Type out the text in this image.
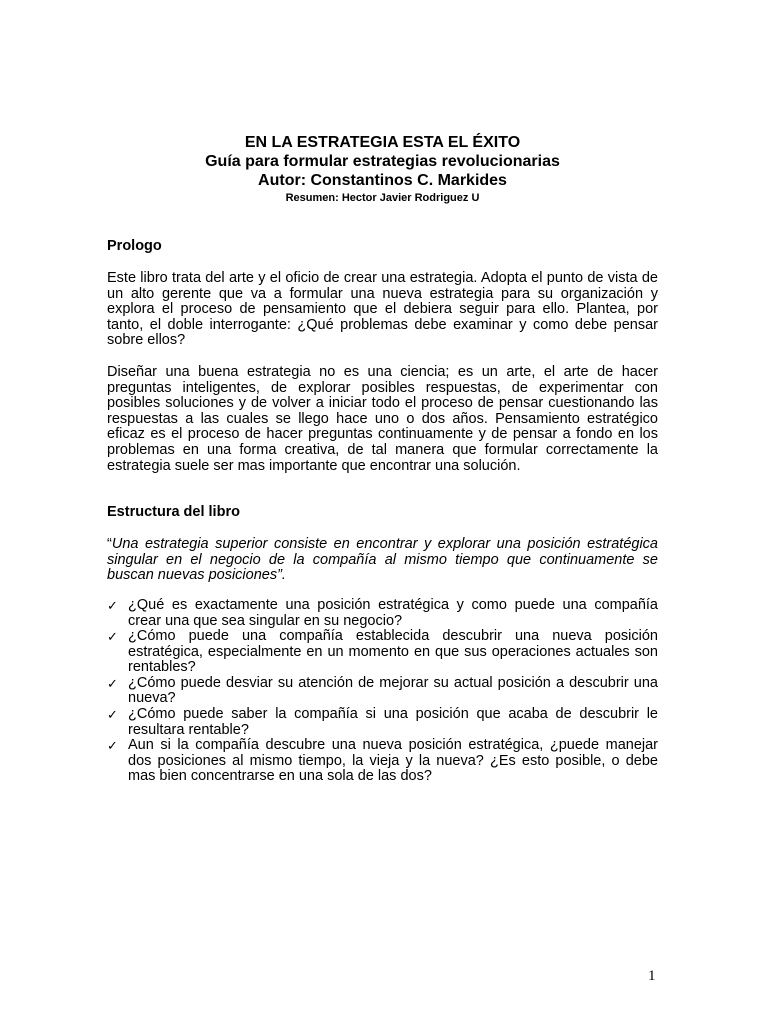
EN LA ESTRATEGIA ESTA EL ÉXITO
Guía para formular estrategias revolucionarias
Autor: Constantinos C. Markides
Resumen: Hector Javier Rodriguez U
Prologo

Este libro trata del arte y el oficio de crear una estrategia. Adopta el punto de vista de un alto gerente que va a formular una nueva estrategia para su organización y explora el proceso de pensamiento que el debiera seguir para ello. Plantea, por tanto, el doble interrogante: ¿Qué problemas debe examinar y como debe pensar sobre ellos?

Diseñar una buena estrategia no es una ciencia; es un arte, el arte de hacer preguntas inteligentes, de explorar posibles respuestas, de experimentar con posibles soluciones y de volver a iniciar todo el proceso de pensar cuestionando las respuestas a las cuales se llego hace uno o dos años. Pensamiento estratégico eficaz es el proceso de hacer preguntas continuamente y de pensar a fondo en los problemas en una forma creativa, de tal manera que formular correctamente la estrategia suele ser mas importante que encontrar una solución.

Estructura del libro

“Una estrategia superior consiste en encontrar y explorar una posición estratégica singular en el negocio de la compañía al mismo tiempo que continuamente se buscan nuevas posiciones”.

✓ ¿Qué es exactamente una posición estratégica y como puede una compañía crear una que sea singular en su negocio?
✓ ¿Cómo puede una compañía establecida descubrir una nueva posición estratégica, especialmente en un momento en que sus operaciones actuales son rentables?
✓ ¿Cómo puede desviar su atención de mejorar su actual posición a descubrir una nueva?
✓ ¿Cómo puede saber la compañía si una posición que acaba de descubrir le resultara rentable?
✓ Aun si la compañía descubre una nueva posición estratégica, ¿puede manejar dos posiciones al mismo tiempo, la vieja y la nueva? ¿Es esto posible, o debe mas bien concentrarse en una sola de las dos?
1
